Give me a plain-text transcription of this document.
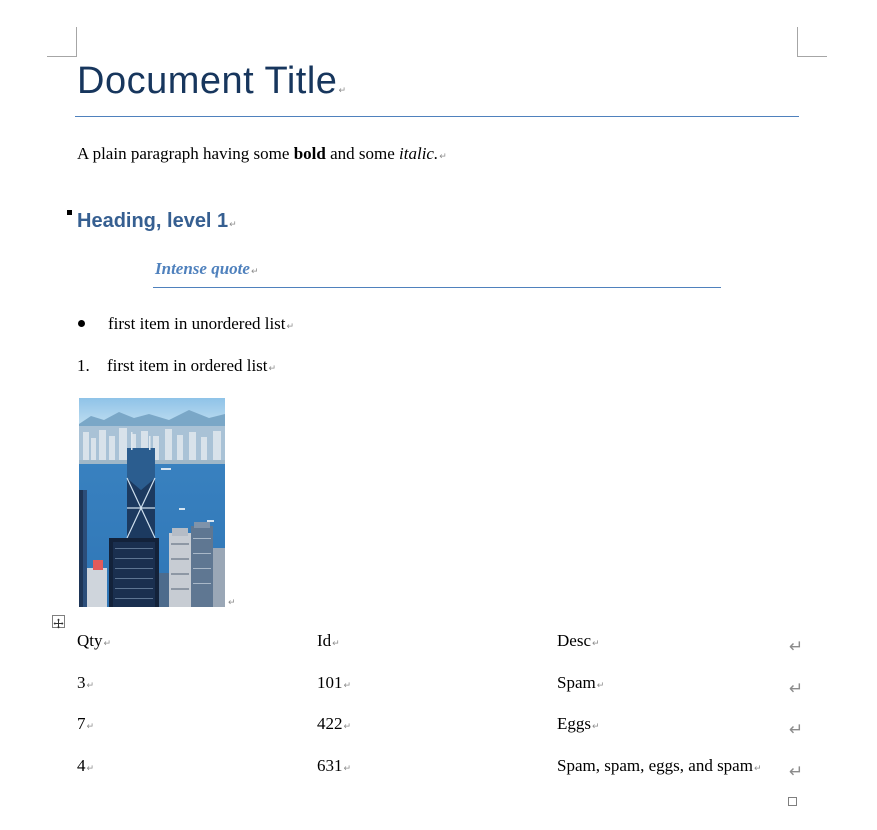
Document Title↵
A plain paragraph having some bold and some italic.↵
Heading, level 1↵
Intense quote↵
first item in unordered list↵
1. first item in ordered list↵
↵
Qty↵	Id↵	Desc↵	↵
3↵	101↵	Spam↵	↵
7↵	422↵	Eggs↵	↵
4↵	631↵	Spam, spam, eggs, and spam↵ ↵
